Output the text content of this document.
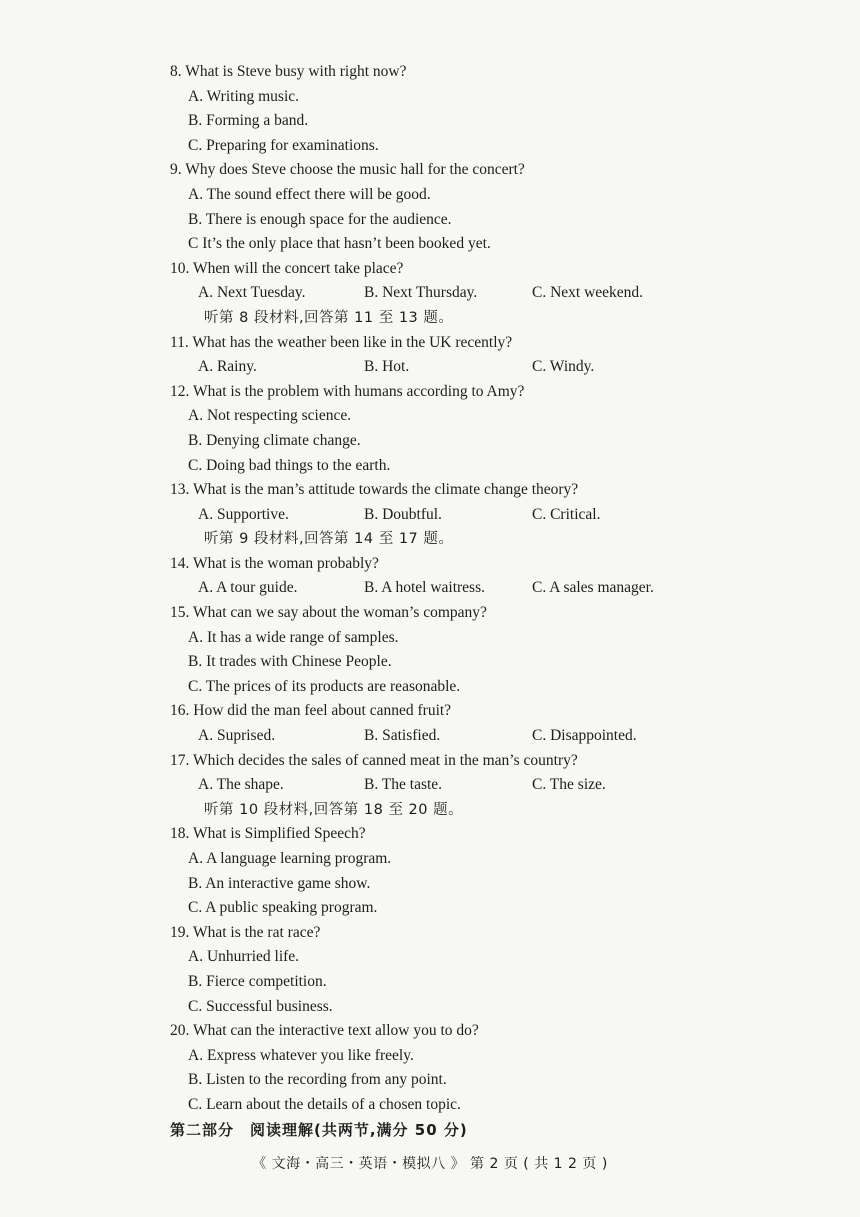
8. What is Steve busy with right now?
A. Writing music.
B. Forming a band.
C. Preparing for examinations.
9. Why does Steve choose the music hall for the concert?
A. The sound effect there will be good.
B. There is enough space for the audience.
C It’s the only place that hasn’t been booked yet.
10. When will the concert take place?
A. Next Tuesday.	B. Next Thursday.	C. Next weekend.
听第 8 段材料,回答第 11 至 13 题。
11. What has the weather been like in the UK recently?
A. Rainy.	B. Hot.	C. Windy.
12. What is the problem with humans according to Amy?
A. Not respecting science.
B. Denying climate change.
C. Doing bad things to the earth.
13. What is the man’s attitude towards the climate change theory?
A. Supportive.	B. Doubtful.	C. Critical.
听第 9 段材料,回答第 14 至 17 题。
14. What is the woman probably?
A. A tour guide.	B. A hotel waitress.	C. A sales manager.
15. What can we say about the woman’s company?
A. It has a wide range of samples.
B. It trades with Chinese People.
C. The prices of its products are reasonable.
16. How did the man feel about canned fruit?
A. Suprised.	B. Satisfied.	C. Disappointed.
17. Which decides the sales of canned meat in the man’s country?
A. The shape.	B. The taste.	C. The size.
听第 10 段材料,回答第 18 至 20 题。
18. What is Simplified Speech?
A. A language learning program.
B. An interactive game show.
C. A public speaking program.
19. What is the rat race?
A. Unhurried life.
B. Fierce competition.
C. Successful business.
20. What can the interactive text allow you to do?
A. Express whatever you like freely.
B. Listen to the recording from any point.
C. Learn about the details of a chosen topic.
第二部分　阅读理解(共两节,满分 50 分)
《 文海・高三・英语・模拟八 》 第 2 页 ( 共 1 2 页 )
